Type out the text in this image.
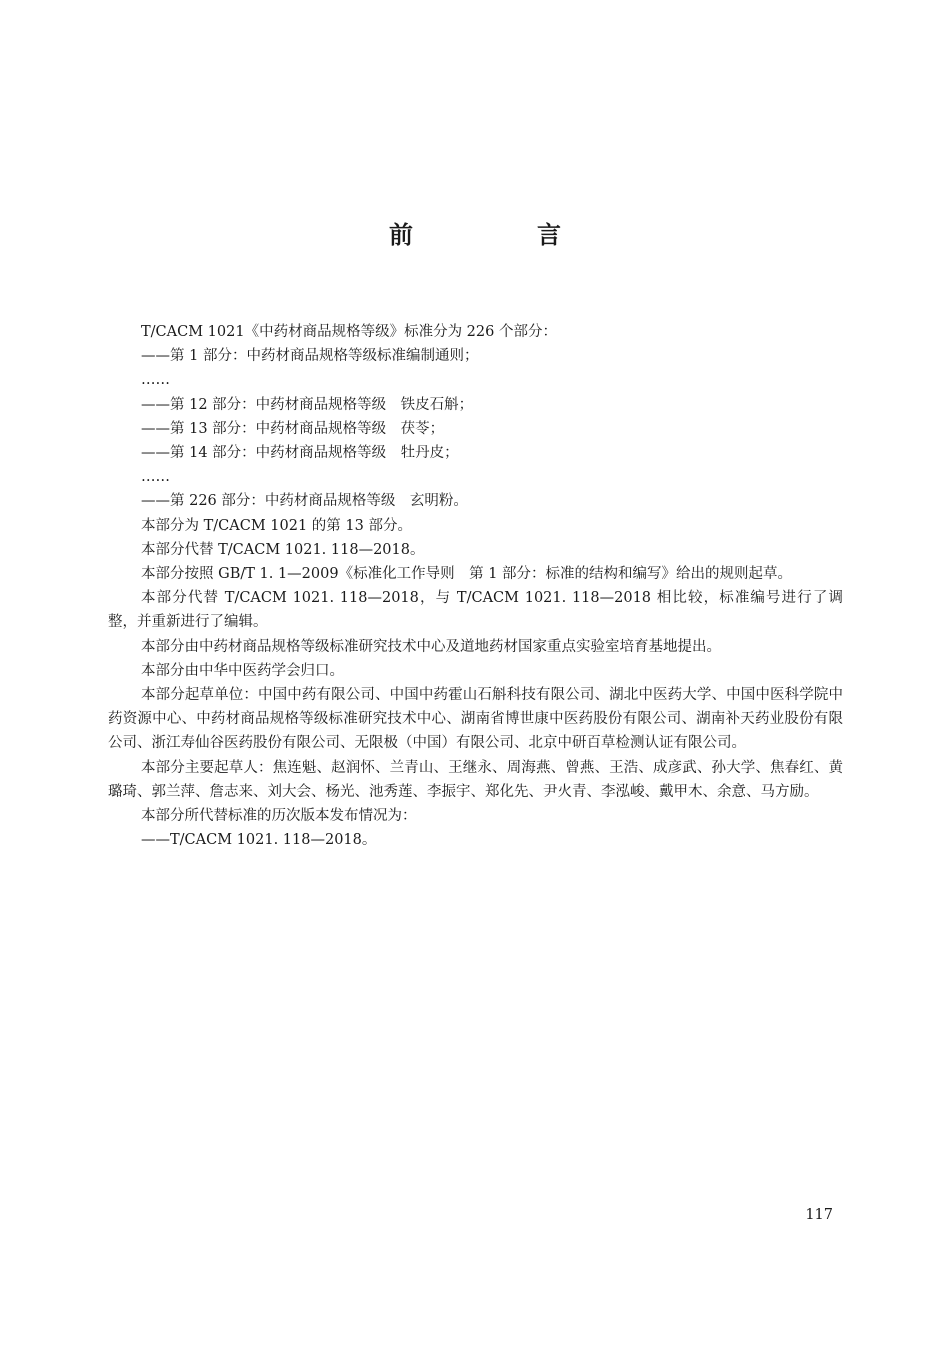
前　言

T/CACM 1021《中药材商品规格等级》标准分为 226 个部分：

——第 1 部分：中药材商品规格等级标准编制通则；

……

——第 12 部分：中药材商品规格等级　铁皮石斛；

——第 13 部分：中药材商品规格等级　茯苓；

——第 14 部分：中药材商品规格等级　牡丹皮；

……

——第 226 部分：中药材商品规格等级　玄明粉。

本部分为 T/CACM 1021 的第 13 部分。

本部分代替 T/CACM 1021. 118—2018。

本部分按照 GB/T 1. 1—2009《标准化工作导则　第 1 部分：标准的结构和编写》给出的规则起草。

本部分代替 T/CACM 1021. 118—2018，与 T/CACM 1021. 118—2018 相比较，标准编号进行了调整，并重新进行了编辑。

本部分由中药材商品规格等级标准研究技术中心及道地药材国家重点实验室培育基地提出。

本部分由中华中医药学会归口。

本部分起草单位：中国中药有限公司、中国中药霍山石斛科技有限公司、湖北中医药大学、中国中医科学院中药资源中心、中药材商品规格等级标准研究技术中心、湖南省博世康中医药股份有限公司、湖南补天药业股份有限公司、浙江寿仙谷医药股份有限公司、无限极（中国）有限公司、北京中研百草检测认证有限公司。

本部分主要起草人：焦连魁、赵润怀、兰青山、王继永、周海燕、曾燕、王浩、成彦武、孙大学、焦春红、黄璐琦、郭兰萍、詹志来、刘大会、杨光、池秀莲、李振宇、郑化先、尹火青、李泓峻、戴甲木、余意、马方励。

本部分所代替标准的历次版本发布情况为：

——T/CACM 1021. 118—2018。

117
